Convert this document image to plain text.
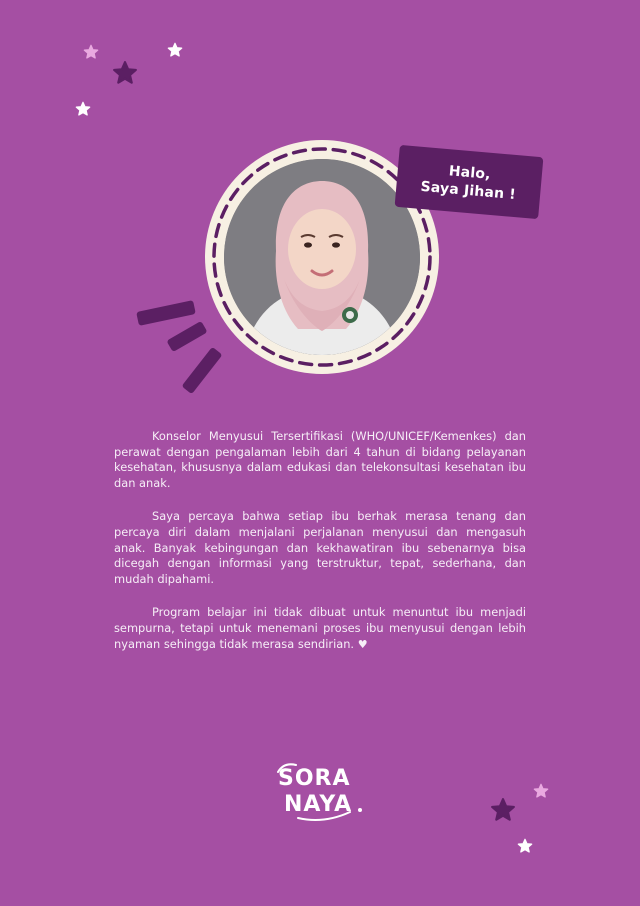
Halo,
Saya Jihan !

Konselor Menyusui Tersertifikasi (WHO/UNICEF/Kemenkes) dan perawat dengan pengalaman lebih dari 4 tahun di bidang pelayanan kesehatan, khususnya dalam edukasi dan telekonsultasi kesehatan ibu dan anak.

Saya percaya bahwa setiap ibu berhak merasa tenang dan percaya diri dalam menjalani perjalanan menyusui dan mengasuh anak. Banyak kebingungan dan kekhawatiran ibu sebenarnya bisa dicegah dengan informasi yang terstruktur, tepat, sederhana, dan mudah dipahami.

Program belajar ini tidak dibuat untuk menuntut ibu menjadi sempurna, tetapi untuk menemani proses ibu menyusui dengan lebih nyaman sehingga tidak merasa sendirian. ♥

SORA
NAYA
